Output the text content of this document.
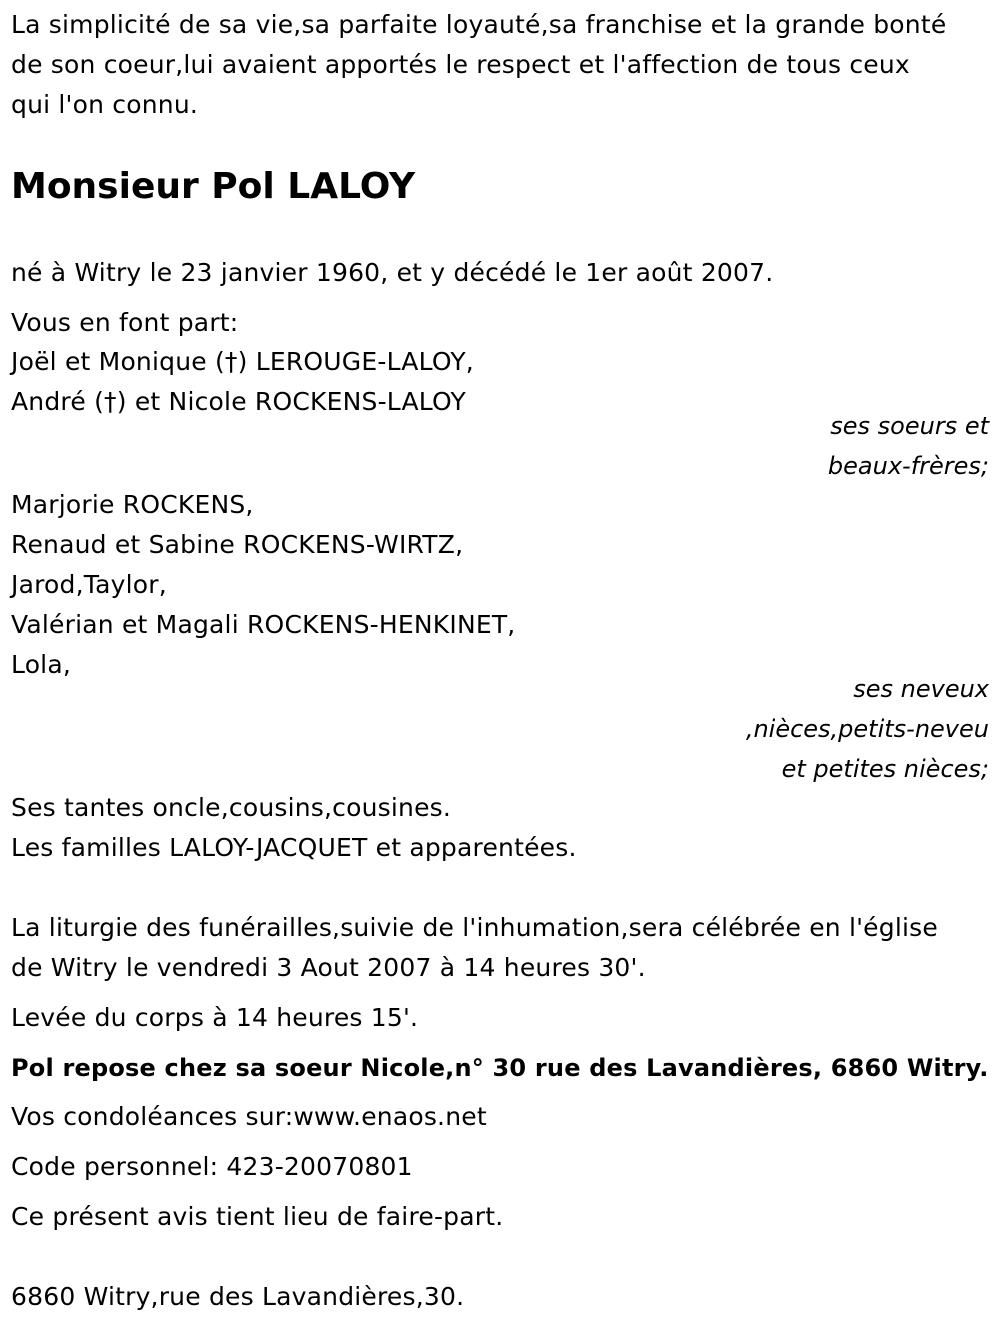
La simplicité de sa vie,sa parfaite loyauté,sa franchise et la grande bonté
de son coeur,lui avaient apportés le respect et l'affection de tous ceux
qui l'on connu.
Monsieur Pol LALOY
né à Witry le 23 janvier 1960, et y décédé le 1er août 2007.
Vous en font part:
Joël et Monique (†) LEROUGE-LALOY,
André (†) et Nicole ROCKENS-LALOY
ses soeurs et
beaux-frères;
Marjorie ROCKENS,
Renaud et Sabine ROCKENS-WIRTZ,
Jarod,Taylor,
Valérian et Magali ROCKENS-HENKINET,
Lola,
ses neveux
,nièces,petits-neveu
et petites nièces;
Ses tantes oncle,cousins,cousines.
Les familles LALOY-JACQUET et apparentées.
La liturgie des funérailles,suivie de l'inhumation,sera célébrée en l'église
de Witry le vendredi 3 Aout 2007 à 14 heures 30'.
Levée du corps à 14 heures 15'.
Pol repose chez sa soeur Nicole,n° 30 rue des Lavandières, 6860 Witry.
Vos condoléances sur:www.enaos.net
Code personnel: 423-20070801
Ce présent avis tient lieu de faire-part.
6860 Witry,rue des Lavandières,30.
